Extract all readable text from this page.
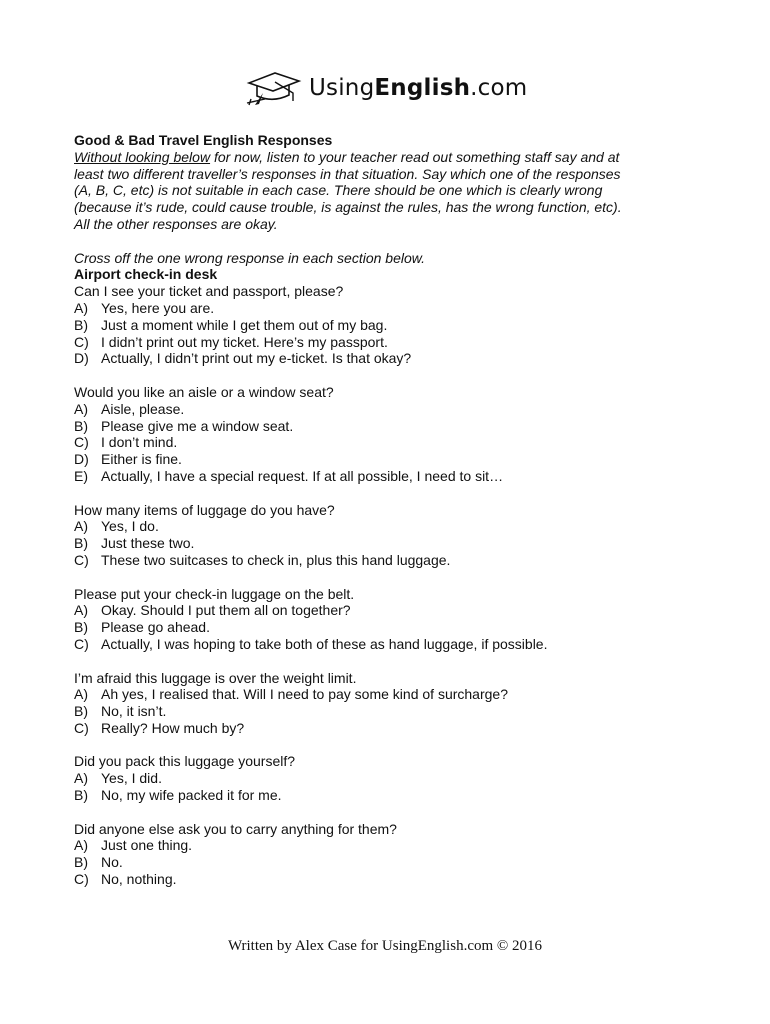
UsingEnglish.com
Good & Bad Travel English Responses
Without looking below for now, listen to your teacher read out something staff say and at
least two different traveller’s responses in that situation. Say which one of the responses
(A, B, C, etc) is not suitable in each case. There should be one which is clearly wrong
(because it’s rude, could cause trouble, is against the rules, has the wrong function, etc).
All the other responses are okay.
Cross off the one wrong response in each section below.
Airport check-in desk
Can I see your ticket and passport, please?
A) Yes, here you are.
B) Just a moment while I get them out of my bag.
C) I didn’t print out my ticket. Here’s my passport.
D) Actually, I didn’t print out my e-ticket. Is that okay?
Would you like an aisle or a window seat?
A) Aisle, please.
B) Please give me a window seat.
C) I don’t mind.
D) Either is fine.
E) Actually, I have a special request. If at all possible, I need to sit…
How many items of luggage do you have?
A) Yes, I do.
B) Just these two.
C) These two suitcases to check in, plus this hand luggage.
Please put your check-in luggage on the belt.
A) Okay. Should I put them all on together?
B) Please go ahead.
C) Actually, I was hoping to take both of these as hand luggage, if possible.
I’m afraid this luggage is over the weight limit.
A) Ah yes, I realised that. Will I need to pay some kind of surcharge?
B) No, it isn’t.
C) Really? How much by?
Did you pack this luggage yourself?
A) Yes, I did.
B) No, my wife packed it for me.
Did anyone else ask you to carry anything for them?
A) Just one thing.
B) No.
C) No, nothing.
Written by Alex Case for UsingEnglish.com © 2016
